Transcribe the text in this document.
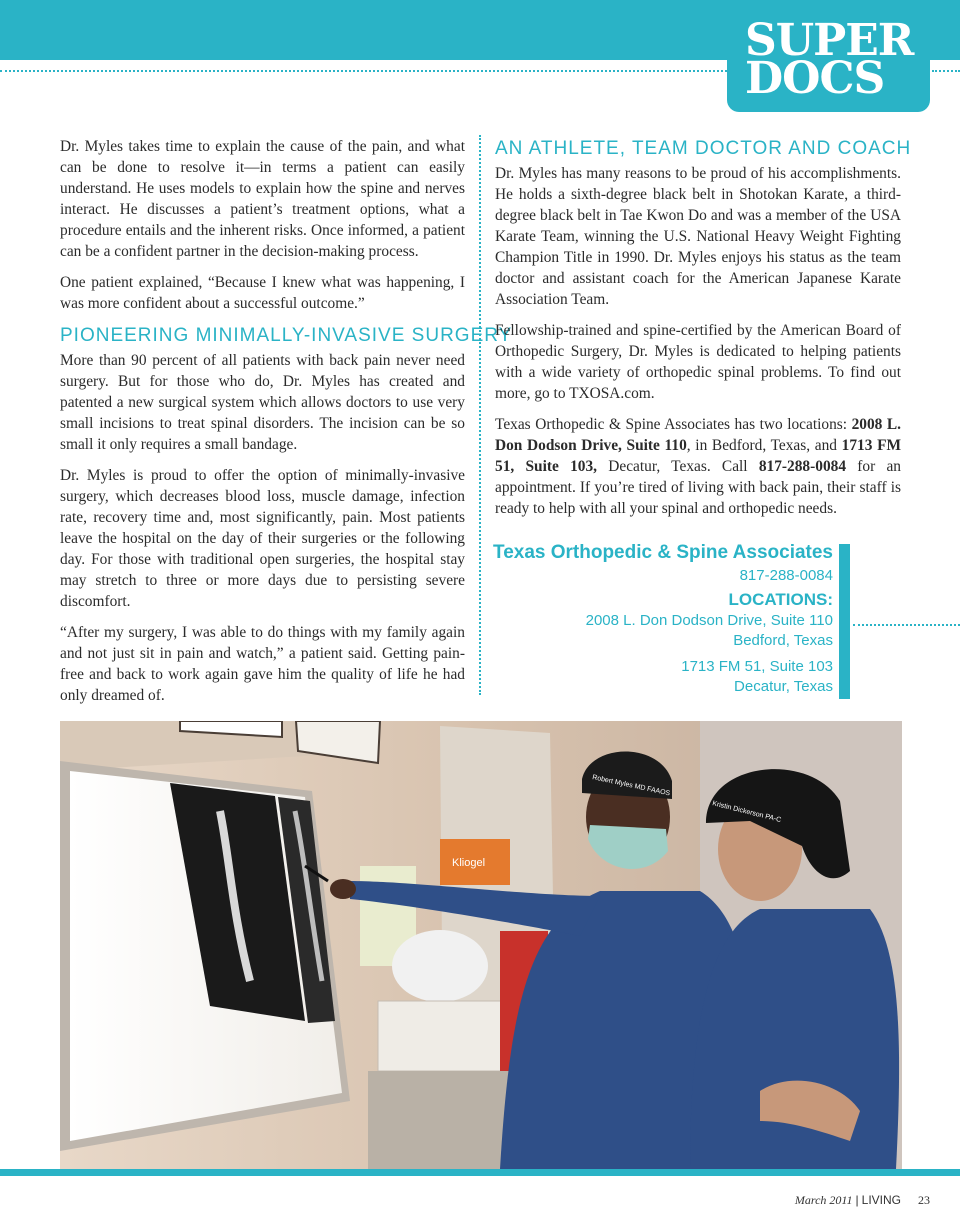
SUPER
DOCS

Dr. Myles takes time to explain the cause of the pain, and what can be done to resolve it—in terms a patient can easily understand. He uses models to explain how the spine and nerves interact. He discusses a patient’s treatment options, what a procedure entails and the inherent risks. Once informed, a patient can be a confident partner in the decision-making process.

One patient explained, “Because I knew what was happening, I was more confident about a successful outcome.”

PIONEERING MINIMALLY-INVASIVE SURGERY

More than 90 percent of all patients with back pain never need surgery. But for those who do, Dr. Myles has created and patented a new surgical system which allows doctors to use very small incisions to treat spinal disorders. The incision can be so small it only requires a small bandage.

Dr. Myles is proud to offer the option of minimally-invasive surgery, which decreases blood loss, muscle damage, infection rate, recovery time and, most significantly, pain. Most patients leave the hospital on the day of their surgeries or the following day. For those with traditional open surgeries, the hospital stay may stretch to three or more days due to persisting severe discomfort.

“After my surgery, I was able to do things with my family again and not just sit in pain and watch,” a patient said. Getting pain-free and back to work again gave him the quality of life he had only dreamed of.

AN ATHLETE, TEAM DOCTOR AND COACH

Dr. Myles has many reasons to be proud of his accomplishments. He holds a sixth-degree black belt in Shotokan Karate, a third-degree black belt in Tae Kwon Do and was a member of the USA Karate Team, winning the U.S. National Heavy Weight Fighting Champion Title in 1990. Dr. Myles enjoys his status as the team doctor and assistant coach for the American Japanese Karate Association Team.

Fellowship-trained and spine-certified by the American Board of Orthopedic Surgery, Dr. Myles is dedicated to helping patients with a wide variety of orthopedic spinal problems. To find out more, go to TXOSA.com.

Texas Orthopedic & Spine Associates has two locations: 2008 L. Don Dodson Drive, Suite 110, in Bedford, Texas, and 1713 FM 51, Suite 103, Decatur, Texas. Call 817-288-0084 for an appointment. If you’re tired of living with back pain, their staff is ready to help with all your spinal and orthopedic needs.

Texas Orthopedic & Spine Associates
817-288-0084
LOCATIONS:
2008 L. Don Dodson Drive, Suite 110
Bedford, Texas
1713 FM 51, Suite 103
Decatur, Texas
Kliogel
Robert Myles MD FAAOS
Kristin Dickerson PA-C
March 2011 | LIVING 23
